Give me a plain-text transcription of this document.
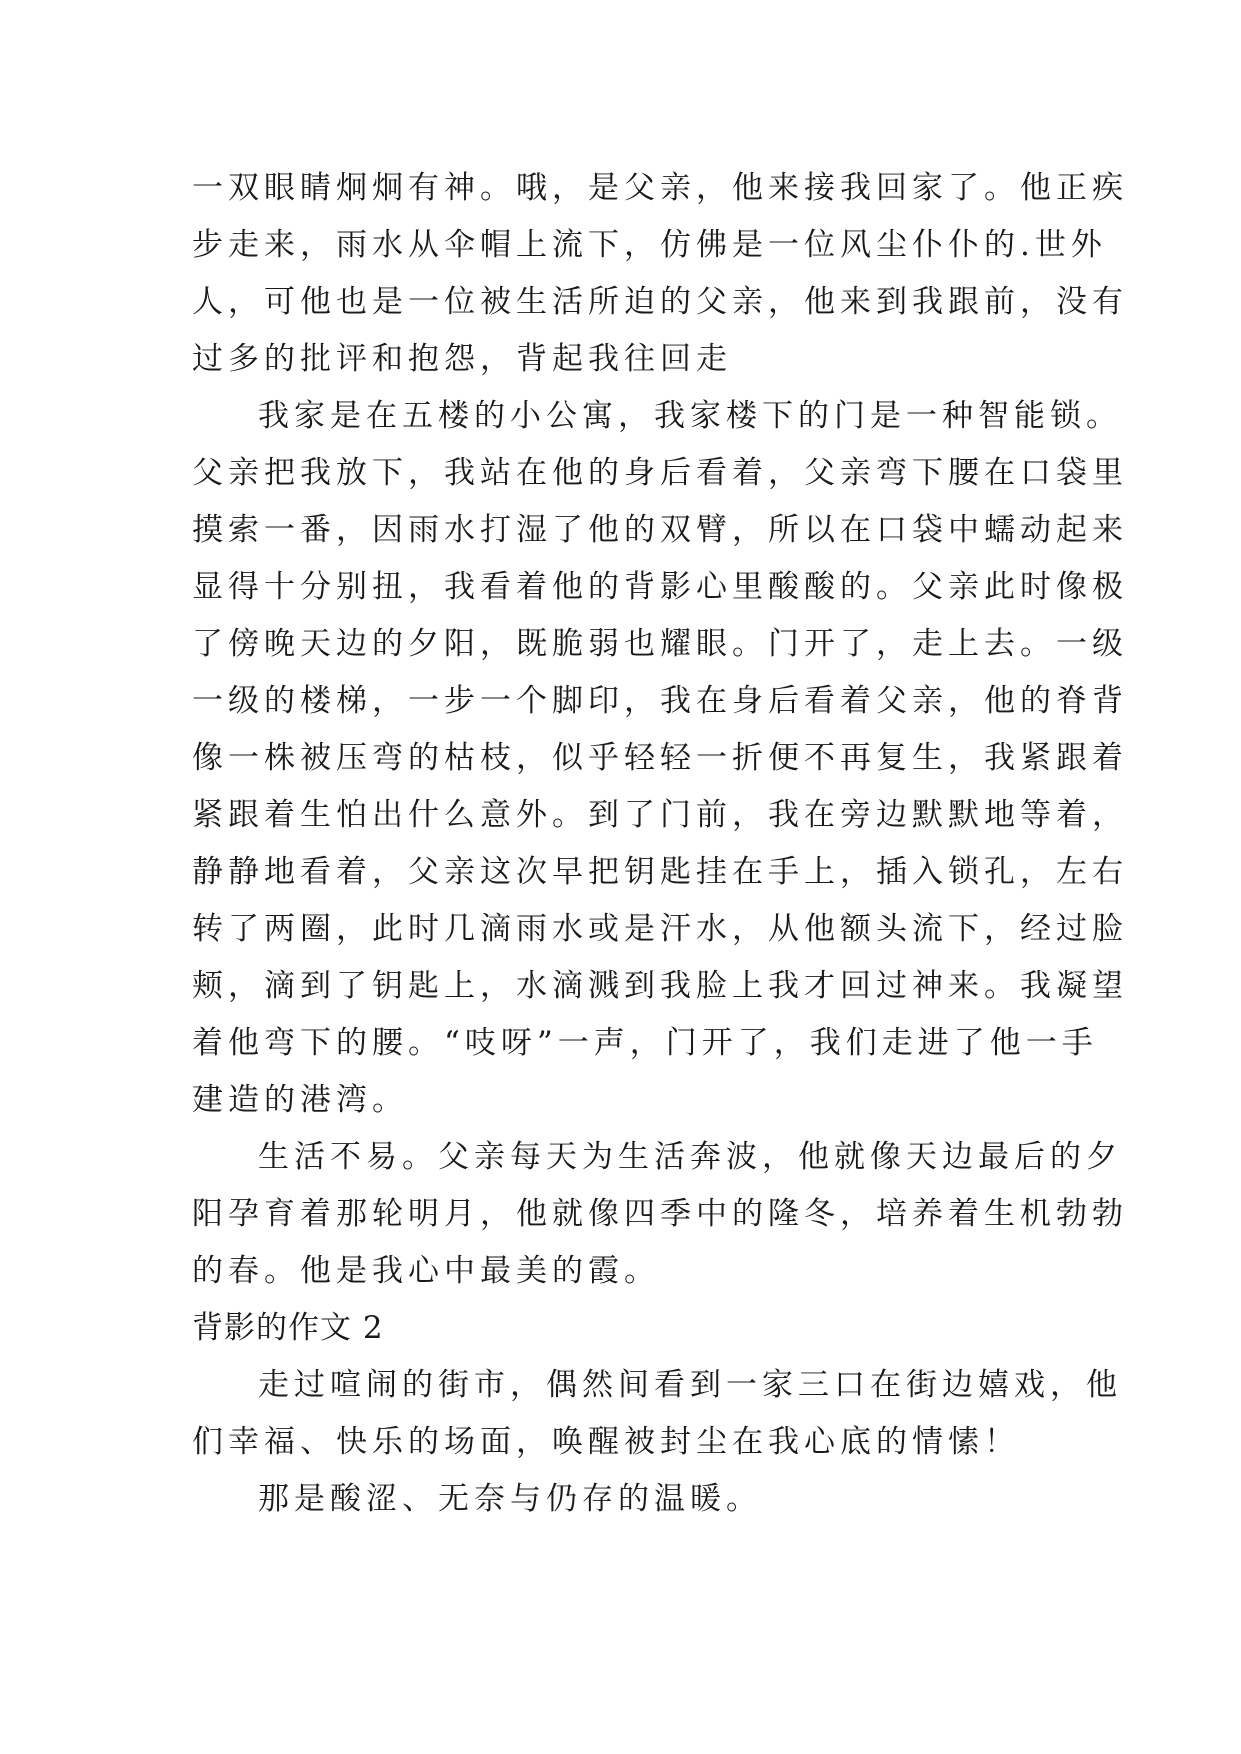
一双眼睛炯炯有神。哦，是父亲，他来接我回家了。他正疾
步走来，雨水从伞帽上流下，仿佛是一位风尘仆仆的.世外
人，可他也是一位被生活所迫的父亲，他来到我跟前，没有
过多的批评和抱怨，背起我往回走
我家是在五楼的小公寓，我家楼下的门是一种智能锁。
父亲把我放下，我站在他的身后看着，父亲弯下腰在口袋里
摸索一番，因雨水打湿了他的双臂，所以在口袋中蠕动起来
显得十分别扭，我看着他的背影心里酸酸的。父亲此时像极
了傍晚天边的夕阳，既脆弱也耀眼。门开了，走上去。一级
一级的楼梯，一步一个脚印，我在身后看着父亲，他的脊背
像一株被压弯的枯枝，似乎轻轻一折便不再复生，我紧跟着
紧跟着生怕出什么意外。到了门前，我在旁边默默地等着，
静静地看着，父亲这次早把钥匙挂在手上，插入锁孔，左右
转了两圈，此时几滴雨水或是汗水，从他额头流下，经过脸
颊，滴到了钥匙上，水滴溅到我脸上我才回过神来。我凝望
着他弯下的腰。“吱呀”一声，门开了，我们走进了他一手
建造的港湾。
生活不易。父亲每天为生活奔波，他就像天边最后的夕
阳孕育着那轮明月，他就像四季中的隆冬，培养着生机勃勃
的春。他是我心中最美的霞。
背影的作文 2
走过喧闹的街市，偶然间看到一家三口在街边嬉戏，他
们幸福、快乐的场面，唤醒被封尘在我心底的情愫！
那是酸涩、无奈与仍存的温暖。
